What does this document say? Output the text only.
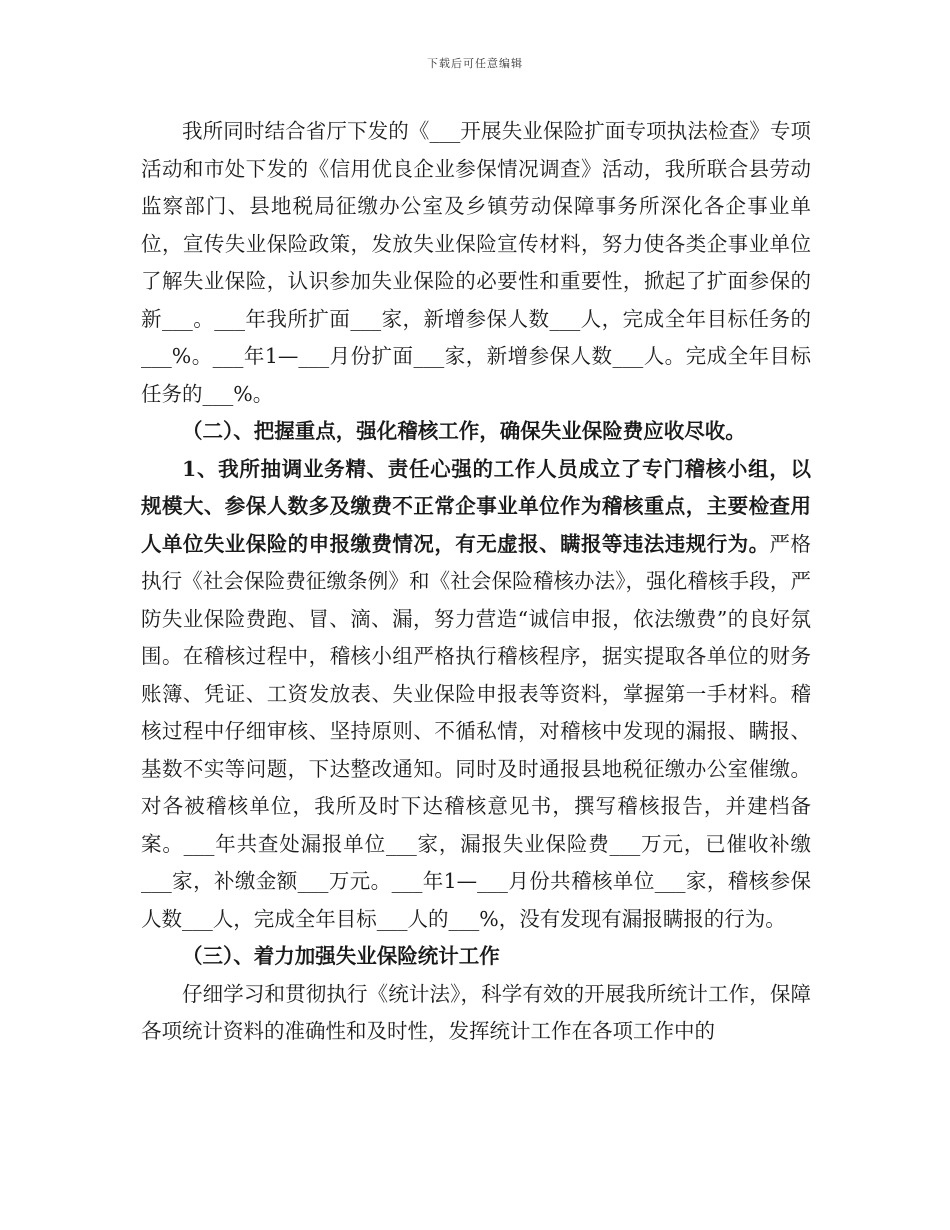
下载后可任意编辑

我所同时结合省厅下发的《___开展失业保险扩面专项执法检查》专项活动和市处下发的《信用优良企业参保情况调查》活动，我所联合县劳动监察部门、县地税局征缴办公室及乡镇劳动保障事务所深化各企事业单位，宣传失业保险政策，发放失业保险宣传材料，努力使各类企事业单位了解失业保险，认识参加失业保险的必要性和重要性，掀起了扩面参保的新___。___年我所扩面___家，新增参保人数___人，完成全年目标任务的___%。___年1—___月份扩面___家，新增参保人数___人。完成全年目标任务的___%。

（二）、把握重点，强化稽核工作，确保失业保险费应收尽收。

1、我所抽调业务精、责任心强的工作人员成立了专门稽核小组，以规模大、参保人数多及缴费不正常企事业单位作为稽核重点，主要检查用人单位失业保险的申报缴费情况，有无虚报、瞒报等违法违规行为。严格执行《社会保险费征缴条例》和《社会保险稽核办法》，强化稽核手段，严防失业保险费跑、冒、滴、漏，努力营造“诚信申报，依法缴费”的良好氛围。在稽核过程中，稽核小组严格执行稽核程序，据实提取各单位的财务账簿、凭证、工资发放表、失业保险申报表等资料，掌握第一手材料。稽核过程中仔细审核、坚持原则、不循私情，对稽核中发现的漏报、瞒报、基数不实等问题，下达整改通知。同时及时通报县地税征缴办公室催缴。对各被稽核单位，我所及时下达稽核意见书，撰写稽核报告，并建档备案。___年共查处漏报单位___家，漏报失业保险费___万元，已催收补缴___家，补缴金额___万元。___年1—___月份共稽核单位___家，稽核参保人数___人，完成全年目标___人的___%，没有发现有漏报瞒报的行为。

（三）、着力加强失业保险统计工作

仔细学习和贯彻执行《统计法》，科学有效的开展我所统计工作，保障各项统计资料的准确性和及时性，发挥统计工作在各项工作中的
